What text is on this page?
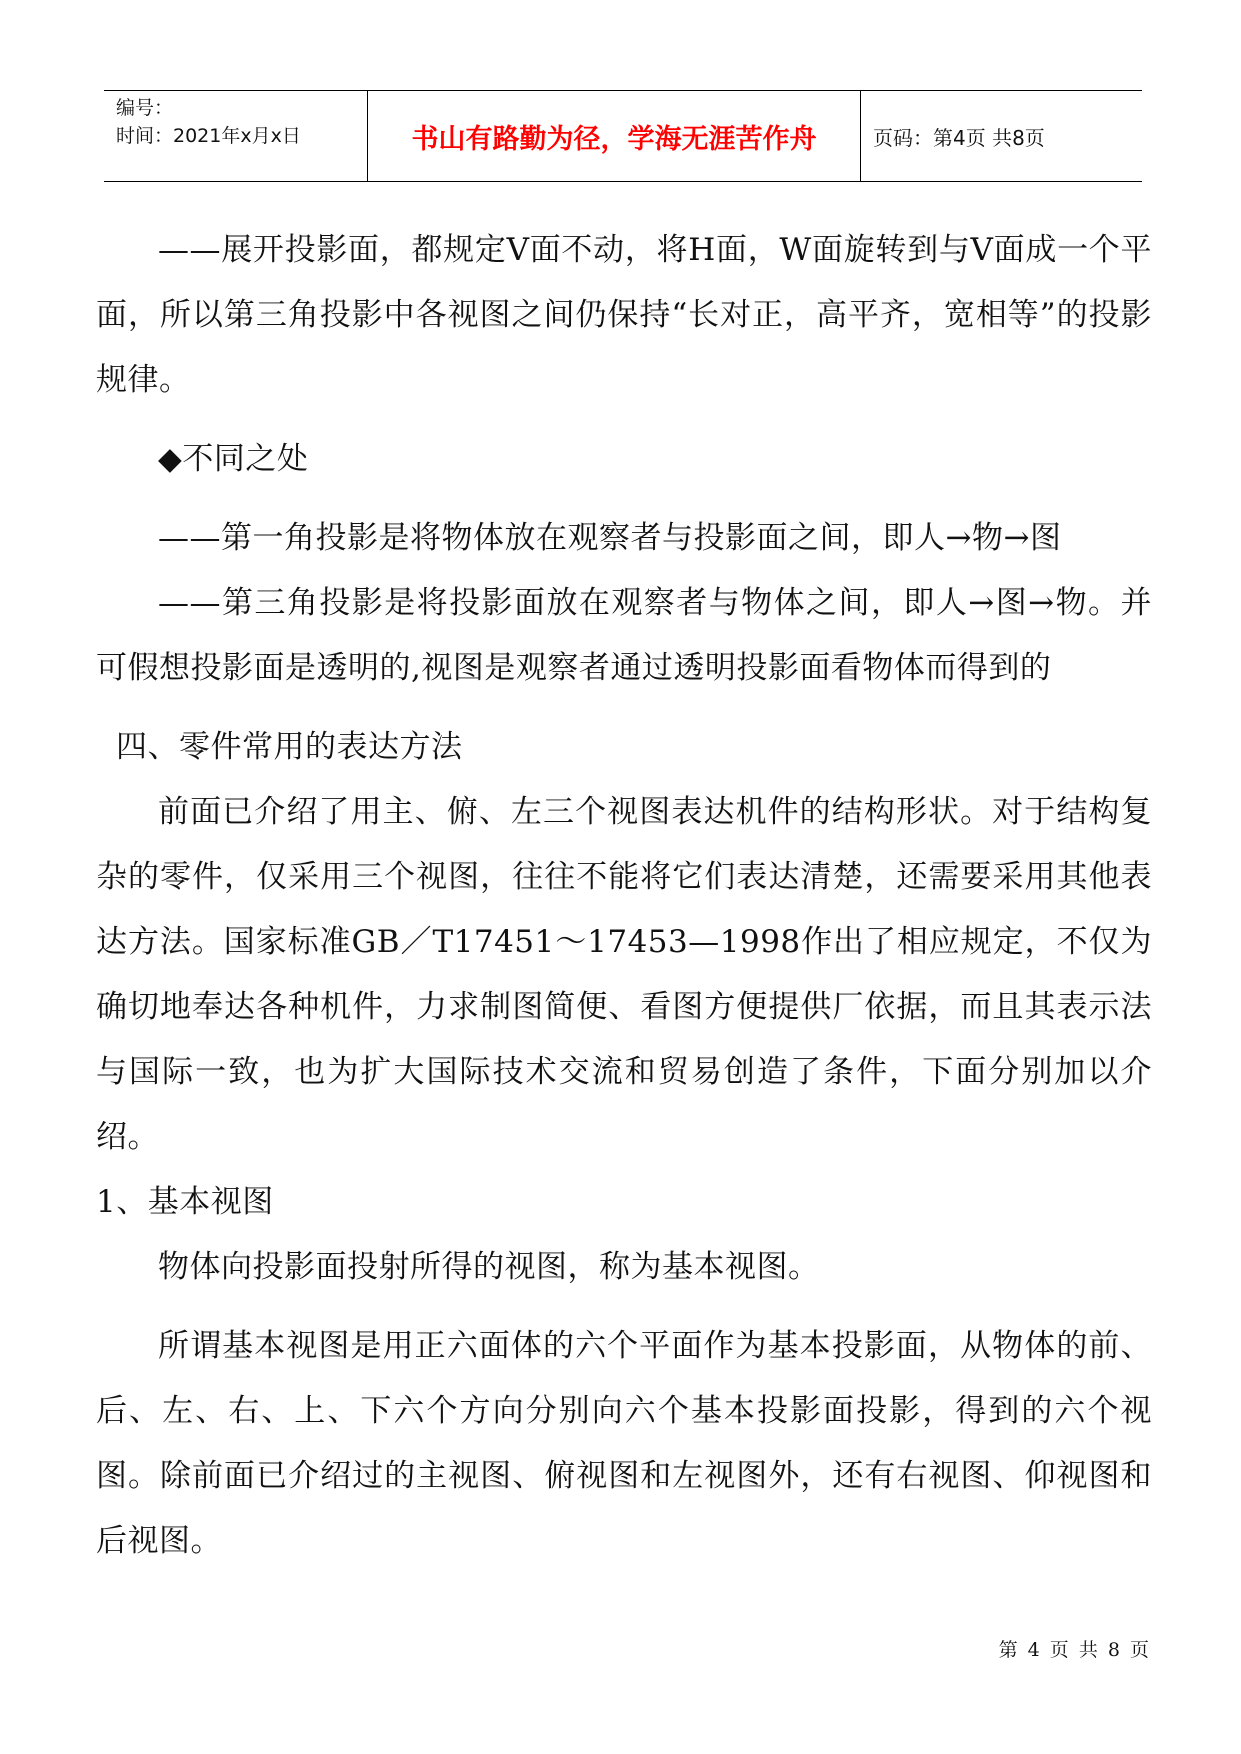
编号：
时间：2021年x月x日	书山有路勤为径，学海无涯苦作舟	页码：第4页 共8页

——展开投影面，都规定V面不动，将H面，W面旋转到与V面成一个平面，所以第三角投影中各视图之间仍保持“长对正，高平齐，宽相等”的投影规律。

◆不同之处

——第一角投影是将物体放在观察者与投影面之间，即人→物→图

——第三角投影是将投影面放在观察者与物体之间，即人→图→物。并可假想投影面是透明的,视图是观察者通过透明投影面看物体而得到的

四、零件常用的表达方法

前面已介绍了用主、俯、左三个视图表达机件的结构形状。对于结构复杂的零件，仅采用三个视图，往往不能将它们表达清楚，还需要采用其他表达方法。国家标准GB／T17451～17453—1998作出了相应规定，不仅为确切地奉达各种机件，力求制图简便、看图方便提供厂依据，而且其表示法与国际一致，也为扩大国际技术交流和贸易创造了条件，下面分别加以介绍。

1、基本视图

物体向投影面投射所得的视图，称为基本视图。

所谓基本视图是用正六面体的六个平面作为基本投影面，从物体的前、后、左、右、上、下六个方向分别向六个基本投影面投影，得到的六个视图。除前面已介绍过的主视图、俯视图和左视图外，还有右视图、仰视图和后视图。

第 4 页 共 8 页
